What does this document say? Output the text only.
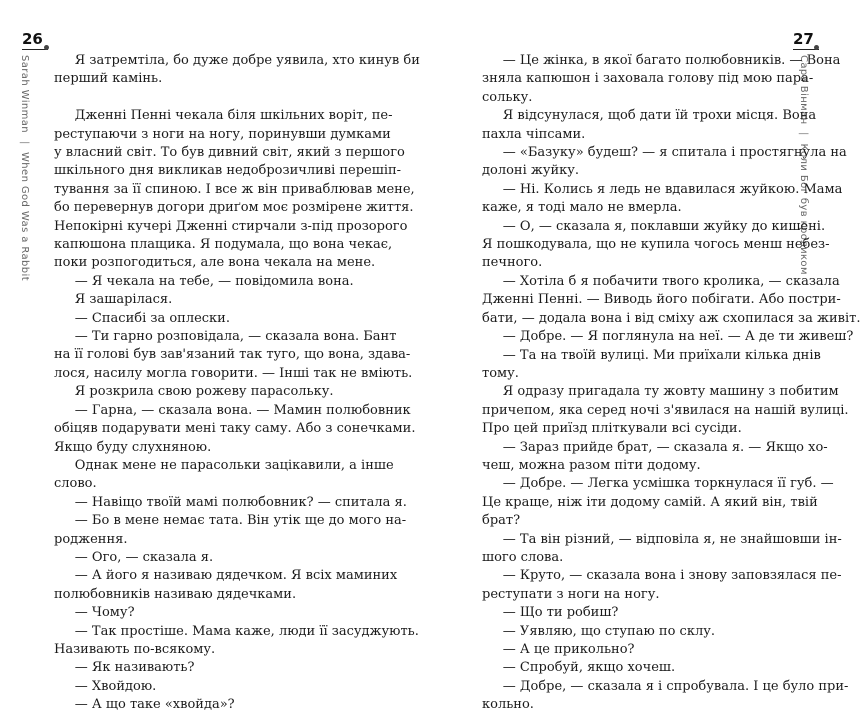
26
Sarah Winman | When God Was a Rabbit
Я затремтіла, бо дуже добре уявила, хто кинув би
перший камінь.
Дженні Пенні чекала біля шкільних воріт, пе-
реступаючи з ноги на ногу, поринувши думками
у власний світ. То був дивний світ, який з першого
шкільного дня викликав недоброзичливі перешіп-
тування за її спиною. І все ж він приваблював мене,
бо перевернув догори дриґом моє розмірене життя.
Непокірні кучері Дженні стирчали з-під прозорого
капюшона плащика. Я подумала, що вона чекає,
поки розпогодиться, але вона чекала на мене.
— Я чекала на тебе, — повідомила вона.
Я зашарілася.
— Спасибі за оплески.
— Ти гарно розповідала, — сказала вона. Бант
на її голові був зав'язаний так туго, що вона, здава-
лося, насилу могла говорити. — Інші так не вміють.
Я розкрила свою рожеву парасольку.
— Гарна, — сказала вона. — Мамин полюбовник
обіцяв подарувати мені таку саму. Або з сонечками.
Якщо буду слухняною.
Однак мене не парасольки зацікавили, а інше
слово.
— Навіщо твоїй мамі полюбовник? — спитала я.
— Бо в мене немає тата. Він утік ще до мого на-
родження.
— Ого, — сказала я.
— А його я називаю дядечком. Я всіх маминих
полюбовників називаю дядечками.
— Чому?
— Так простіше. Мама каже, люди її засуджують.
Називають по-всякому.
— Як називають?
— Хвойдою.
— А що таке «хвойда»?
27
Сара Вінман | Коли Бог був кроликом
— Це жінка, в якої багато полюбовників. — Вона
зняла капюшон і заховала голову під мою пара-
сольку.
Я відсунулася, щоб дати їй трохи місця. Вона
пахла чіпсами.
— «Базуку» будеш? — я спитала і простягнула на
долоні жуйку.
— Ні. Колись я ледь не вдавилася жуйкою. Мама
каже, я тоді мало не вмерла.
— О, — сказала я, поклавши жуйку до кишені.
Я пошкодувала, що не купила чогось менш небез-
печного.
— Хотіла б я побачити твого кролика, — сказала
Дженні Пенні. — Виводь його побігати. Або постри-
бати, — додала вона і від сміху аж схопилася за живіт.
— Добре. — Я поглянула на неї. — А де ти живеш?
— Та на твоїй вулиці. Ми приїхали кілька днів
тому.
Я одразу пригадала ту жовту машину з побитим
причепом, яка серед ночі з'явилася на нашій вулиці.
Про цей приїзд пліткували всі сусіди.
— Зараз прийде брат, — сказала я. — Якщо хо-
чеш, можна разом піти додому.
— Добре. — Легка усмішка торкнулася її губ. —
Це краще, ніж іти додому самій. А який він, твій
брат?
— Та він різний, — відповіла я, не знайшовши ін-
шого слова.
— Круто, — сказала вона і знову заповзялася пе-
реступати з ноги на ногу.
— Що ти робиш?
— Уявляю, що ступаю по склу.
— А це прикольно?
— Спробуй, якщо хочеш.
— Добре, — сказала я і спробувала. І це було при-
кольно.
